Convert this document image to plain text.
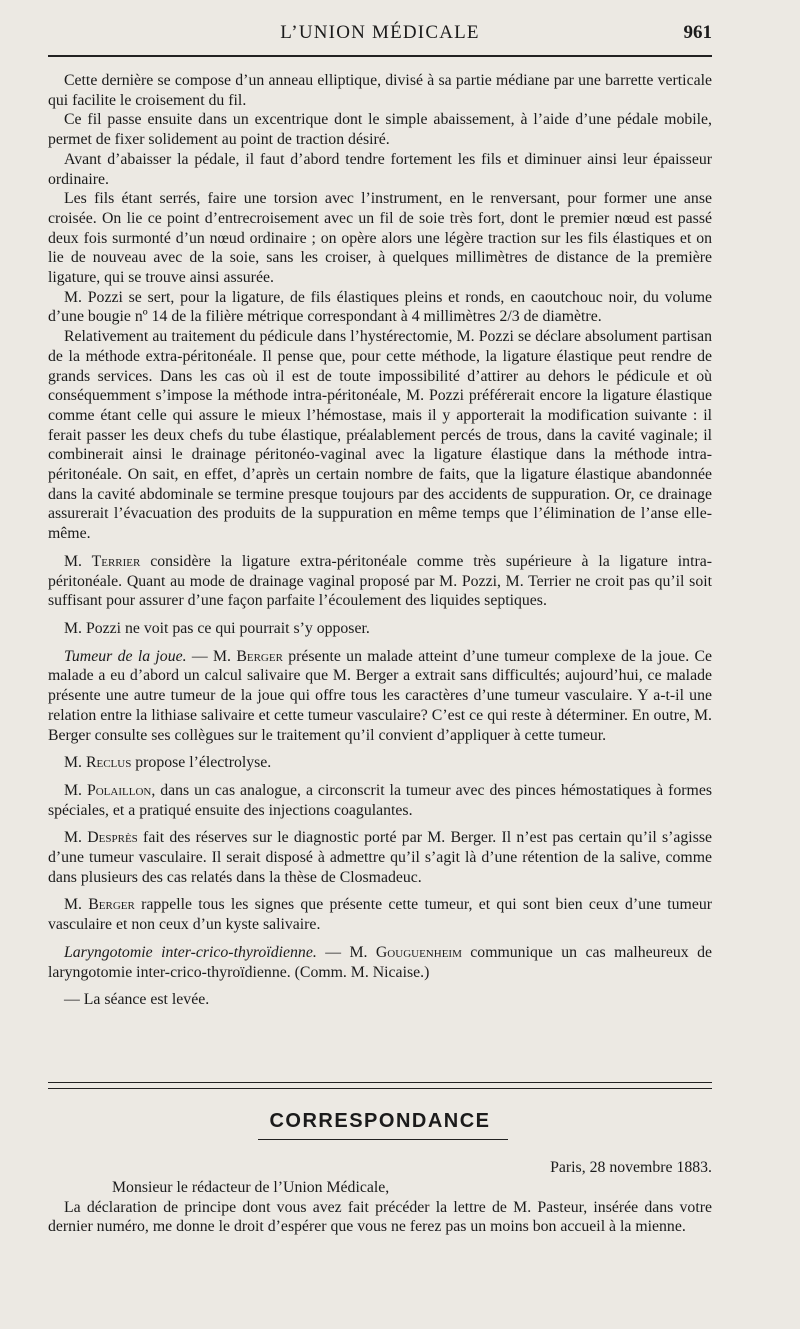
L’UNION MÉDICALE	961

Cette dernière se compose d’un anneau elliptique, divisé à sa partie médiane par une barrette verticale qui facilite le croisement du fil.

Ce fil passe ensuite dans un excentrique dont le simple abaissement, à l’aide d’une pédale mobile, permet de fixer solidement au point de traction désiré.

Avant d’abaisser la pédale, il faut d’abord tendre fortement les fils et diminuer ainsi leur épaisseur ordinaire.

Les fils étant serrés, faire une torsion avec l’instrument, en le renversant, pour former une anse croisée. On lie ce point d’entrecroisement avec un fil de soie très fort, dont le premier nœud est passé deux fois surmonté d’un nœud ordinaire ; on opère alors une légère traction sur les fils élastiques et on lie de nouveau avec de la soie, sans les croiser, à quelques millimètres de distance de la première ligature, qui se trouve ainsi assurée.

M. Pozzi se sert, pour la ligature, de fils élastiques pleins et ronds, en caoutchouc noir, du volume d’une bougie nº 14 de la filière métrique correspondant à 4 millimètres 2/3 de diamètre.

Relativement au traitement du pédicule dans l’hystérectomie, M. Pozzi se déclare absolument partisan de la méthode extra-péritonéale. Il pense que, pour cette méthode, la ligature élastique peut rendre de grands services. Dans les cas où il est de toute impossibilité d’attirer au dehors le pédicule et où conséquemment s’impose la méthode intra-péritonéale, M. Pozzi préférerait encore la ligature élastique comme étant celle qui assure le mieux l’hémostase, mais il y apporterait la modification suivante : il ferait passer les deux chefs du tube élastique, préalablement percés de trous, dans la cavité vaginale; il combinerait ainsi le drainage péritonéo-vaginal avec la ligature élastique dans la méthode intra-péritonéale. On sait, en effet, d’après un certain nombre de faits, que la ligature élastique abandonnée dans la cavité abdominale se termine presque toujours par des accidents de suppuration. Or, ce drainage assurerait l’évacuation des produits de la suppuration en même temps que l’élimination de l’anse elle-même.

M. Terrier considère la ligature extra-péritonéale comme très supérieure à la ligature intra-péritonéale. Quant au mode de drainage vaginal proposé par M. Pozzi, M. Terrier ne croit pas qu’il soit suffisant pour assurer d’une façon parfaite l’écoulement des liquides septiques.

M. Pozzi ne voit pas ce qui pourrait s’y opposer.

Tumeur de la joue. — M. Berger présente un malade atteint d’une tumeur complexe de la joue. Ce malade a eu d’abord un calcul salivaire que M. Berger a extrait sans difficultés; aujourd’hui, ce malade présente une autre tumeur de la joue qui offre tous les caractères d’une tumeur vasculaire. Y a-t-il une relation entre la lithiase salivaire et cette tumeur vasculaire? C’est ce qui reste à déterminer. En outre, M. Berger consulte ses collègues sur le traitement qu’il convient d’appliquer à cette tumeur.

M. Reclus propose l’électrolyse.

M. Polaillon, dans un cas analogue, a circonscrit la tumeur avec des pinces hémostatiques à formes spéciales, et a pratiqué ensuite des injections coagulantes.

M. Desprès fait des réserves sur le diagnostic porté par M. Berger. Il n’est pas certain qu’il s’agisse d’une tumeur vasculaire. Il serait disposé à admettre qu’il s’agit là d’une rétention de la salive, comme dans plusieurs des cas relatés dans la thèse de Closmadeuc.

M. Berger rappelle tous les signes que présente cette tumeur, et qui sont bien ceux d’une tumeur vasculaire et non ceux d’un kyste salivaire.

Laryngotomie inter-crico-thyroïdienne. — M. Gouguenheim communique un cas malheureux de laryngotomie inter-crico-thyroïdienne. (Comm. M. Nicaise.)

— La séance est levée.

CORRESPONDANCE
Paris, 28 novembre 1883.

Monsieur le rédacteur de l’Union Médicale,

La déclaration de principe dont vous avez fait précéder la lettre de M. Pasteur, insérée dans votre dernier numéro, me donne le droit d’espérer que vous ne ferez pas un moins bon accueil à la mienne.
